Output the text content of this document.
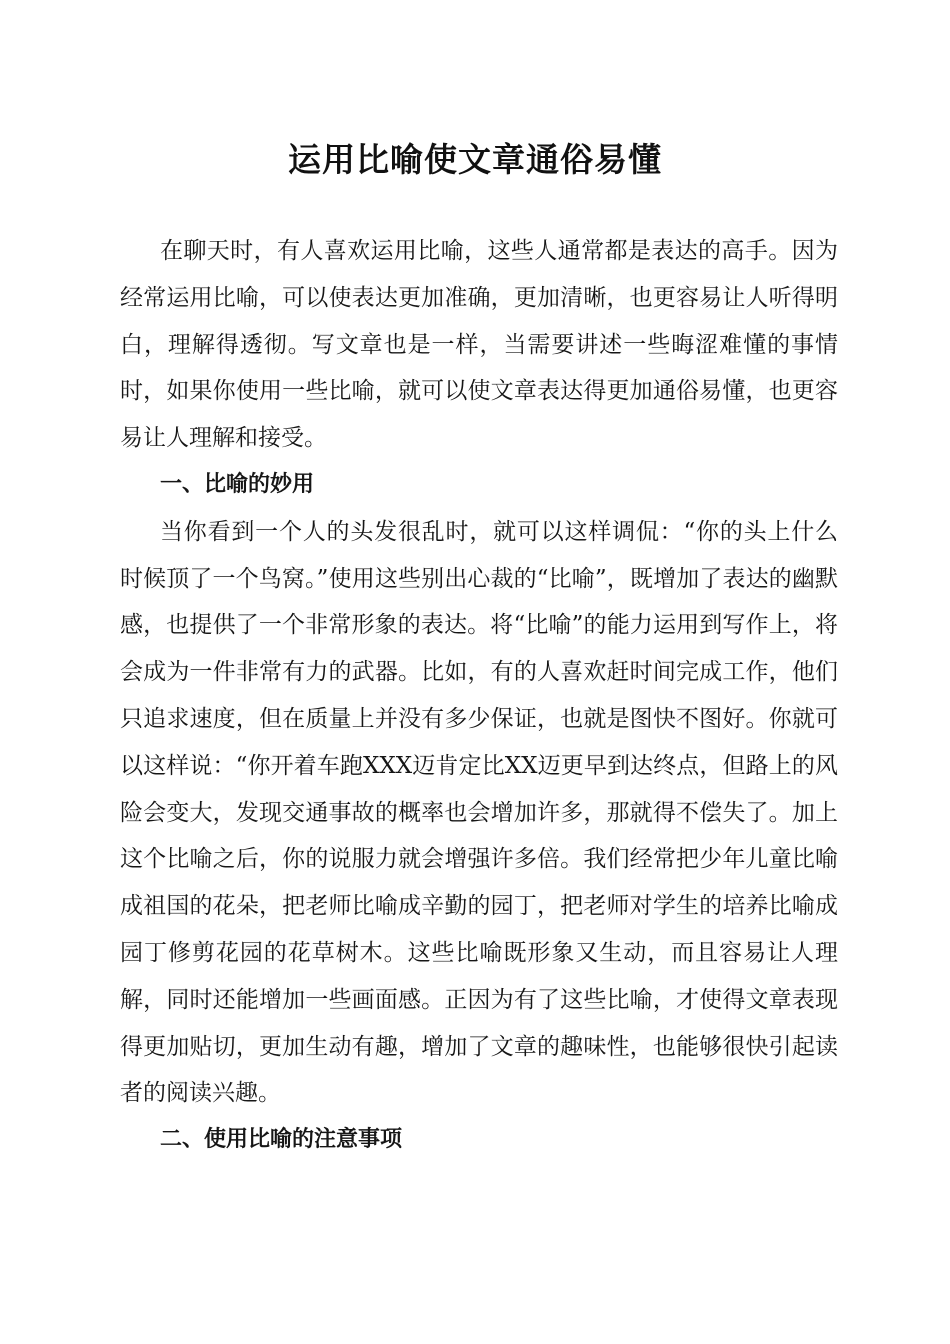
运用比喻使文章通俗易懂

在聊天时，有人喜欢运用比喻，这些人通常都是表达的高手。因为经常运用比喻，可以使表达更加准确，更加清晰，也更容易让人听得明白，理解得透彻。写文章也是一样，当需要讲述一些晦涩难懂的事情时，如果你使用一些比喻，就可以使文章表达得更加通俗易懂，也更容易让人理解和接受。

一、比喻的妙用

当你看到一个人的头发很乱时，就可以这样调侃：“你的头上什么时候顶了一个鸟窝。”使用这些别出心裁的“比喻”，既增加了表达的幽默感，也提供了一个非常形象的表达。将“比喻”的能力运用到写作上，将会成为一件非常有力的武器。比如，有的人喜欢赶时间完成工作，他们只追求速度，但在质量上并没有多少保证，也就是图快不图好。你就可以这样说：“你开着车跑XXX迈肯定比XX迈更早到达终点，但路上的风险会变大，发现交通事故的概率也会增加许多，那就得不偿失了。加上这个比喻之后，你的说服力就会增强许多倍。我们经常把少年儿童比喻成祖国的花朵，把老师比喻成辛勤的园丁，把老师对学生的培养比喻成园丁修剪花园的花草树木。这些比喻既形象又生动，而且容易让人理解，同时还能增加一些画面感。正因为有了这些比喻，才使得文章表现得更加贴切，更加生动有趣，增加了文章的趣味性，也能够很快引起读者的阅读兴趣。

二、使用比喻的注意事项
